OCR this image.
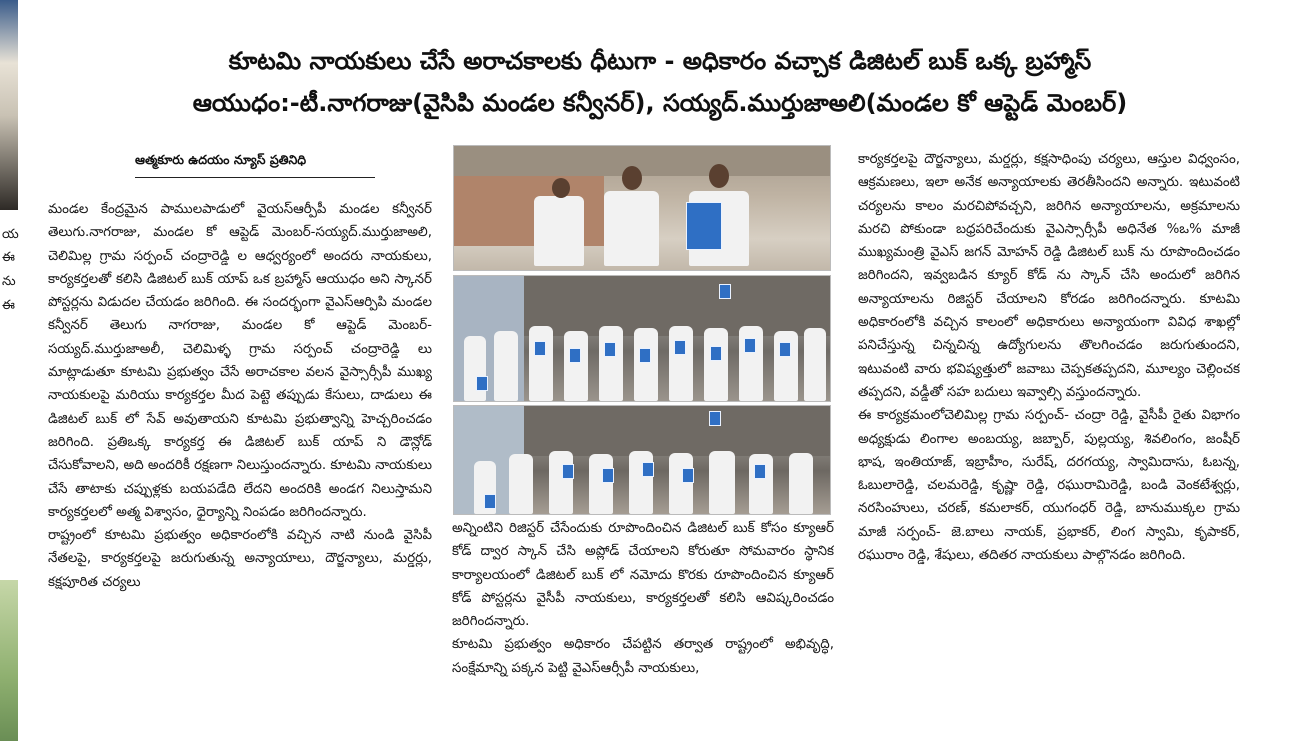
య
ఈ
ను
ఈ
కూటమి నాయకులు చేసే అరాచకాలకు ధీటుగా - అధికారం వచ్చాక డిజిటల్ బుక్ ఒక్క బ్రహ్మాస్
ఆయుధం:-టీ.నాగరాజు(వైసిపి మండల కన్వీనర్), సయ్యద్.ముర్తుజాఅలి(మండల కో ఆప్టెడ్ మెంబర్)
ఆత్మకూరు ఉదయం న్యూస్ ప్రతినిధి

మండల కేంద్రమైన పాములపాడులో వైయస్ఆర్పీపీ మండల కన్వీనర్ తెలుగు.నాగరాజు, మండల కో ఆప్టెడ్ మెంబర్-సయ్యద్.ముర్తుజాఅలి, చెలిమిల్ల గ్రామ సర్పంచ్ చంద్రారెడ్డి ల ఆధ్వర్యంలో అందరు నాయకులు, కార్యకర్తలతో కలిసి డిజిటల్ బుక్ యాప్ ఒక బ్రహ్మాస్ ఆయుధం అని స్కానర్ పోస్టర్లను విడుదల చేయడం జరిగింది. ఈ సందర్భంగా వైఎస్ఆర్పిపి మండల కన్వీనర్ తెలుగు నాగరాజు, మండల కో ఆప్టెడ్ మెంబర్-సయ్యద్.ముర్తుజాఅలీ, చెలిమిళ్ళ గ్రామ సర్పంచ్ చంద్రారెడ్డి లు మాట్లాడుతూ కూటమి ప్రభుత్వం చేసే అరాచకాల వలన వైస్సార్సీపీ ముఖ్య నాయకులపై మరియు కార్యకర్తల మీద పెట్టె తప్పుడు కేసులు, దాడులు ఈ డిజిటల్ బుక్ లో సేవ్ అవుతాయని కూటమి ప్రభుత్వాన్ని హెచ్చరించడం జరిగింది. ప్రతిఒక్క కార్యకర్త ఈ డిజిటల్ బుక్ యాప్ ని డౌన్లోడ్ చేసుకోవాలని, అది అందరికీ రక్షణగా నిలుస్తుందన్నారు. కూటమి నాయకులు చేసే తాటాకు చప్పుళ్లకు బయపడేది లేదని అందరికి అండగ నిలుస్తామని కార్యకర్తలలో అత్మ విశ్వాసం, ధైర్యాన్ని నింపడం జరిగిందన్నారు.

రాష్ట్రంలో కూటమి ప్రభుత్వం అధికారంలోకి వచ్చిన నాటి నుండి వైసిపీ నేతలపై, కార్యకర్తలపై జరుగుతున్న అన్యాయాలు, దౌర్జన్యాలు, మర్డర్లు, కక్షపూరిత చర్యలు

అన్నింటిని రిజిస్టర్ చేసేందుకు రూపొందించిన డిజిటల్ బుక్ కోసం క్యూఆర్ కోడ్ ద్వార స్కాన్ చేసి అప్లోడ్ చేయాలని కోరుతూ సోమవారం స్థానిక కార్యాలయంలో డిజిటల్ బుక్ లో నమోదు కొరకు రూపొందించిన క్యూఆర్ కోడ్ పోస్టర్లను వైసీపీ నాయకులు, కార్యకర్తలతో కలిసి ఆవిష్కరించడం జరిగిందన్నారు.

కూటమి ప్రభుత్వం అధికారం చేపట్టిన తర్వాత రాష్ట్రంలో అభివృద్ధి, సంక్షేమాన్ని పక్కన పెట్టి వైఎస్ఆర్సీపీ నాయకులు,

కార్యకర్తలపై దౌర్జన్యాలు, మర్డర్లు, కక్షసాధింపు చర్యలు, ఆస్తుల విధ్వంసం, ఆక్రమణలు, ఇలా అనేక అన్యాయాలకు తెరతీసిందని అన్నారు. ఇటువంటి చర్యలను కాలం మరచిపోవచ్చని, జరిగిన అన్యాయాలను, అక్రమాలను మరచి పోకుండా బధ్రపరిచేందుకు వైఎస్సార్సీపీ అధినేత %ఒ% మాజీ ముఖ్యమంత్రి వైఎస్ జగన్ మోహన్ రెడ్డి డిజిటల్ బుక్ ను రూపొందించడం జరిగిందని, ఇవ్వబడిన క్యూర్ కోడ్ ను స్కాన్ చేసి అందులో జరిగిన అన్యాయాలను రిజిస్టర్ చేయాలని కోరడం జరిగిందన్నారు. కూటమి అధికారంలోకి వచ్చిన కాలంలో అధికారులు అన్యాయంగా వివిధ శాఖల్లో పనిచేస్తున్న చిన్నచిన్న ఉద్యోగులను తొలగించడం జరుగుతుందని, ఇటువంటి వారు భవిష్యత్తులో జవాబు చెప్పకతప్పదని, మూల్యం చెల్లించక తప్పదని, వడ్డీతో సహ బదులు ఇవ్వాల్సి వస్తుందన్నారు.

ఈ కార్యక్రమంలోచెలిమిల్ల గ్రామ సర్పంచ్- చంద్రా రెడ్డి, వైసీపీ రైతు విభాగం అధ్యక్షుడు లింగాల అంబయ్య, జబ్బార్, పుల్లయ్య, శివలింగం, జంషీర్ భాష, ఇంతియాజ్, ఇబ్రాహీం, సురేష్, దరగయ్య, స్వామిదాసు, ఓబన్న, ఓబులారెడ్డి, చలమరెడ్డి, కృష్ణా రెడ్డి, రఘురామిరెడ్డి, బండి వెంకటేశ్వర్లు, నరసింహులు, చరణ్, కమలాకర్, యుగంధర్ రెడ్డి, బానుముక్కల గ్రామ మాజీ సర్పంచ్- జె.బాలు నాయక్, ప్రభాకర్, లింగ స్వామి, కృపాకర్, రఘురాం రెడ్డి, శేషులు, తదితర నాయకులు పాల్గొనడం జరిగింది.
